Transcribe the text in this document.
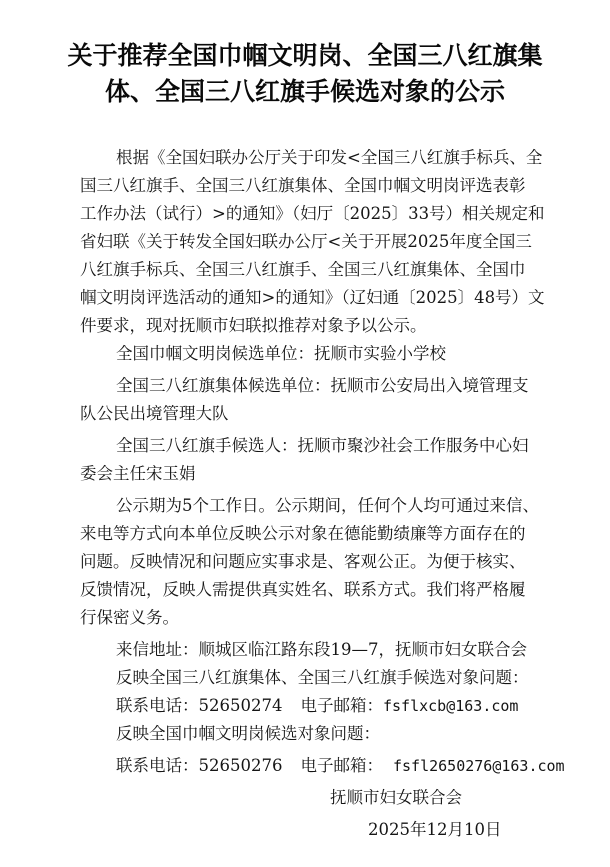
关于推荐全国巾帼文明岗、全国三八红旗集
体、全国三八红旗手候选对象的公示
根据《全国妇联办公厅关于印发<全国三八红旗手标兵、全
国三八红旗手、全国三八红旗集体、全国巾帼文明岗评选表彰
工作办法（试行）>的通知》（妇厅〔2025〕33号）相关规定和
省妇联《关于转发全国妇联办公厅<关于开展2025年度全国三
八红旗手标兵、全国三八红旗手、全国三八红旗集体、全国巾
帼文明岗评选活动的通知>的通知》（辽妇通〔2025〕48号）文
件要求，现对抚顺市妇联拟推荐对象予以公示。
全国巾帼文明岗候选单位：抚顺市实验小学校
全国三八红旗集体候选单位：抚顺市公安局出入境管理支
队公民出境管理大队
全国三八红旗手候选人：抚顺市聚沙社会工作服务中心妇
委会主任宋玉娟
公示期为5个工作日。公示期间，任何个人均可通过来信、
来电等方式向本单位反映公示对象在德能勤绩廉等方面存在的
问题。反映情况和问题应实事求是、客观公正。为便于核实、
反馈情况，反映人需提供真实姓名、联系方式。我们将严格履
行保密义务。
来信地址：顺城区临江路东段19—7，抚顺市妇女联合会
反映全国三八红旗集体、全国三八红旗手候选对象问题：
联系电话：52650274 电子邮箱：fsflxcb@163.com
反映全国巾帼文明岗候选对象问题：
联系电话：52650276 电子邮箱： fsfl2650276@163.com
抚顺市妇女联合会
2025年12月10日
